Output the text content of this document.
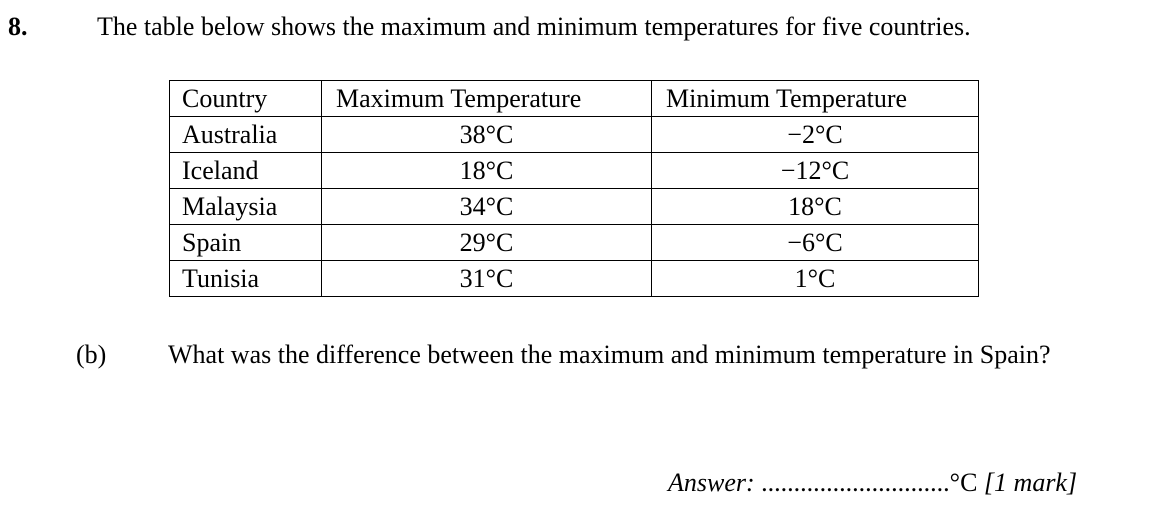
8.	The table below shows the maximum and minimum temperatures for five countries.
Country	Maximum Temperature	Minimum Temperature
Australia	38°C	−2°C
Iceland	18°C	−12°C
Malaysia	34°C	18°C
Spain	29°C	−6°C
Tunisia	31°C	1°C
(b) What was the difference between the maximum and minimum temperature in Spain?
Answer: .............................°C [1 mark]
